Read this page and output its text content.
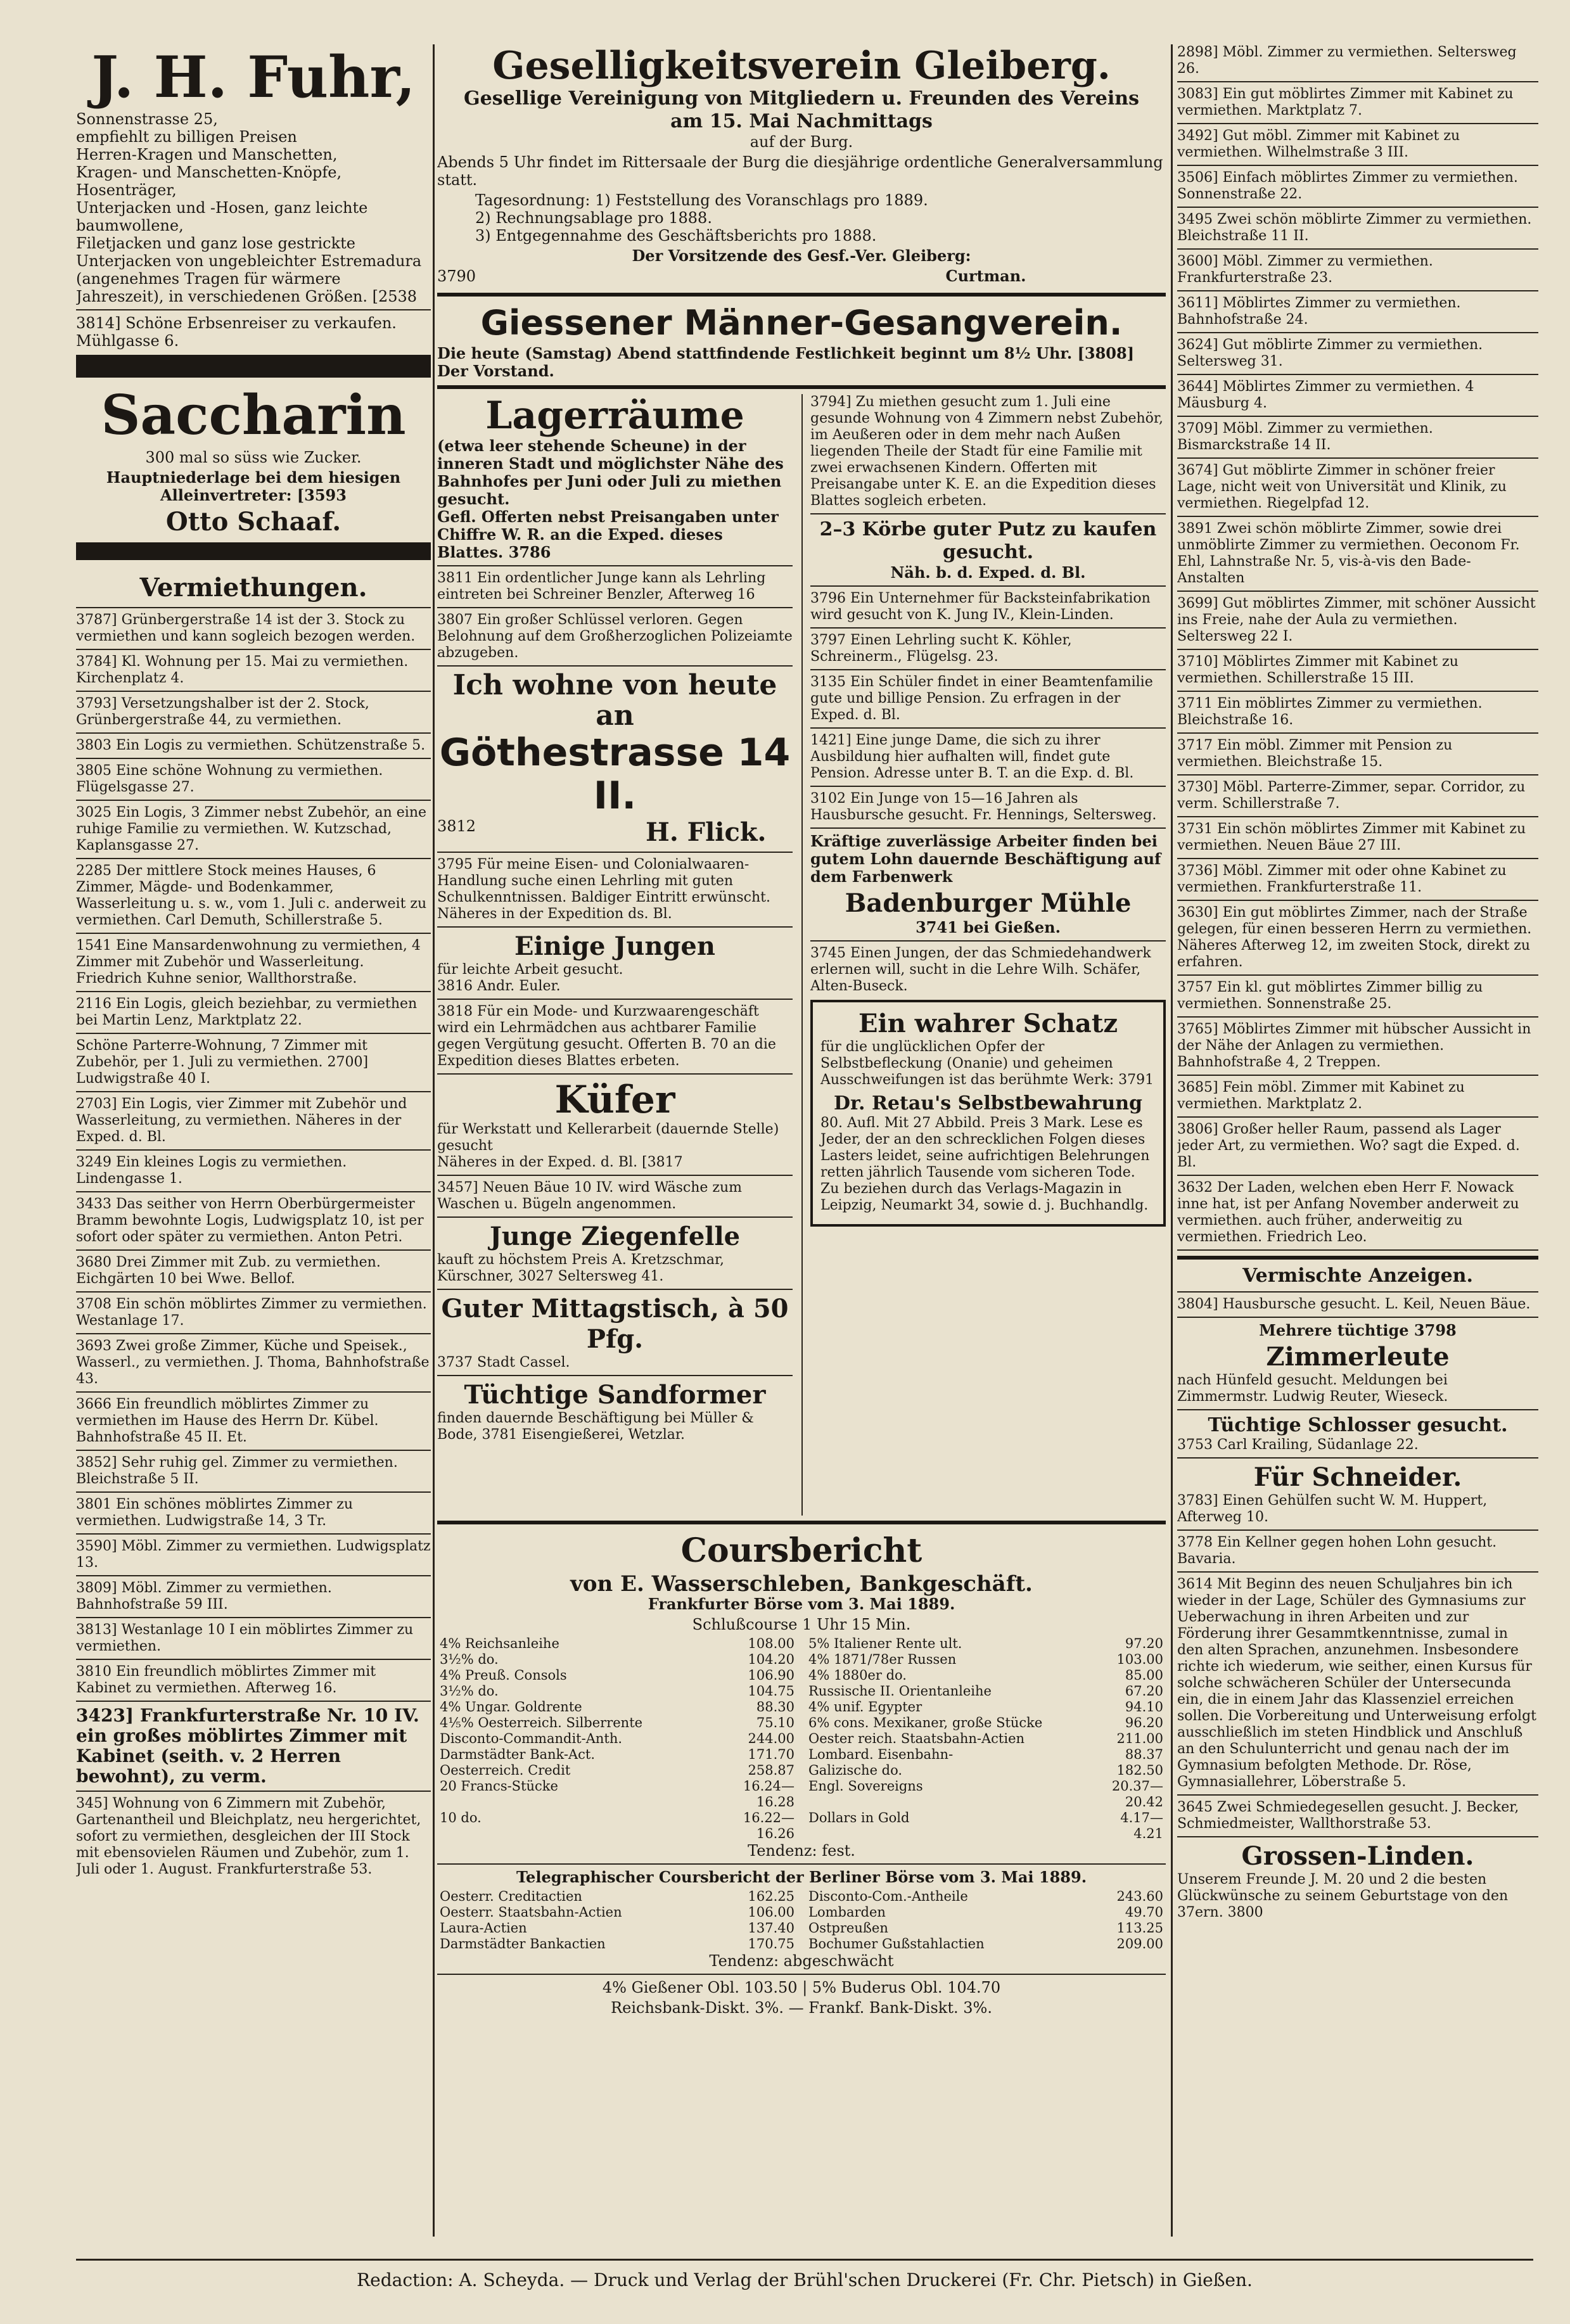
J. H. Fuhr,
Sonnenstrasse 25,
empfiehlt zu billigen Preisen
Herren-Kragen und Manschetten,
Kragen- und Manschetten-Knöpfe,
Hosenträger,
Unterjacken und -Hosen, ganz leichte baumwollene,
Filetjacken und ganz lose gestrickte Unterjacken von ungebleichter Estremadura (angenehmes Tragen für wärmere Jahreszeit), in verschiedenen Größen. [2538
3814] Schöne Erbsenreiser zu verkaufen. Mühlgasse 6.
Saccharin
300 mal so süss wie Zucker.
Hauptniederlage bei dem hiesigen Alleinvertreter: [3593
Otto Schaaf.
Vermiethungen.
3787] Grünbergerstraße 14 ist der 3. Stock zu vermiethen und kann sogleich bezogen werden.
3784] Kl. Wohnung per 15. Mai zu vermiethen. Kirchenplatz 4.
3793] Versetzungshalber ist der 2. Stock, Grünbergerstraße 44, zu vermiethen.
3803 Ein Logis zu vermiethen. Schützenstraße 5.
3805 Eine schöne Wohnung zu vermiethen. Flügelsgasse 27.
3025 Ein Logis, 3 Zimmer nebst Zubehör, an eine ruhige Familie zu vermiethen. W. Kutzschad, Kaplansgasse 27.
2285 Der mittlere Stock meines Hauses, 6 Zimmer, Mägde- und Bodenkammer, Wasserleitung u. s. w., vom 1. Juli c. anderweit zu vermiethen. Carl Demuth, Schillerstraße 5.
1541 Eine Mansardenwohnung zu vermiethen, 4 Zimmer mit Zubehör und Wasserleitung. Friedrich Kuhne senior, Wallthorstraße.
2116 Ein Logis, gleich beziehbar, zu vermiethen bei Martin Lenz, Marktplatz 22.
Schöne Parterre-Wohnung, 7 Zimmer mit Zubehör, per 1. Juli zu vermiethen. 2700] Ludwigstraße 40 I.
2703] Ein Logis, vier Zimmer mit Zubehör und Wasserleitung, zu vermiethen. Näheres in der Exped. d. Bl.
3249 Ein kleines Logis zu vermiethen. Lindengasse 1.
3433 Das seither von Herrn Oberbürgermeister Bramm bewohnte Logis, Ludwigsplatz 10, ist per sofort oder später zu vermiethen. Anton Petri.
3680 Drei Zimmer mit Zub. zu vermiethen. Eichgärten 10 bei Wwe. Bellof.
3708 Ein schön möblirtes Zimmer zu vermiethen. Westanlage 17.
3693 Zwei große Zimmer, Küche und Speisek., Wasserl., zu vermiethen. J. Thoma, Bahnhofstraße 43.
3666 Ein freundlich möblirtes Zimmer zu vermiethen im Hause des Herrn Dr. Kübel. Bahnhofstraße 45 II. Et.
3852] Sehr ruhig gel. Zimmer zu vermiethen. Bleichstraße 5 II.
3801 Ein schönes möblirtes Zimmer zu vermiethen. Ludwigstraße 14, 3 Tr.
3590] Möbl. Zimmer zu vermiethen. Ludwigsplatz 13.
3809] Möbl. Zimmer zu vermiethen. Bahnhofstraße 59 III.
3813] Westanlage 10 I ein möblirtes Zimmer zu vermiethen.
3810 Ein freundlich möblirtes Zimmer mit Kabinet zu vermiethen. Afterweg 16.
3423] Frankfurterstraße Nr. 10 IV. ein großes möblirtes Zimmer mit Kabinet (seith. v. 2 Herren bewohnt), zu verm.
345] Wohnung von 6 Zimmern mit Zubehör, Gartenantheil und Bleichplatz, neu hergerichtet, sofort zu vermiethen, desgleichen der III Stock mit ebensovielen Räumen und Zubehör, zum 1. Juli oder 1. August. Frankfurterstraße 53.
Geselligkeitsverein Gleiberg.
Gesellige Vereinigung von Mitgliedern u. Freunden des Vereins
am 15. Mai Nachmittags
auf der Burg.
Abends 5 Uhr findet im Rittersaale der Burg die diesjährige ordentliche Generalversammlung statt.
Tagesordnung: 1) Feststellung des Voranschlags pro 1889.
2) Rechnungsablage pro 1888.
3) Entgegennahme des Geschäftsberichts pro 1888.
Der Vorsitzende des Gesf.-Ver. Gleiberg:
3790	Curtman.
Giessener Männer-Gesangverein.
Die heute (Samstag) Abend stattfindende Festlichkeit beginnt um 8½ Uhr. [3808] Der Vorstand.
Lagerräume
(etwa leer stehende Scheune) in der inneren Stadt und möglichster Nähe des Bahnhofes per Juni oder Juli zu miethen gesucht.
Gefl. Offerten nebst Preisangaben unter Chiffre W. R. an die Exped. dieses Blattes. 3786
3811 Ein ordentlicher Junge kann als Lehrling eintreten bei Schreiner Benzler, Afterweg 16
3807 Ein großer Schlüssel verloren. Gegen Belohnung auf dem Großherzoglichen Polizeiamte abzugeben.
Ich wohne von heute an
Göthestrasse 14 II.
3812	H. Flick.
3795 Für meine Eisen- und Colonialwaaren-Handlung suche einen Lehrling mit guten Schulkenntnissen. Baldiger Eintritt erwünscht. Näheres in der Expedition ds. Bl.
Einige Jungen
für leichte Arbeit gesucht.
3816 Andr. Euler.
3818 Für ein Mode- und Kurzwaarengeschäft wird ein Lehrmädchen aus achtbarer Familie gegen Vergütung gesucht. Offerten B. 70 an die Expedition dieses Blattes erbeten.
Küfer
für Werkstatt und Kellerarbeit (dauernde Stelle) gesucht
Näheres in der Exped. d. Bl. [3817
3457] Neuen Bäue 10 IV. wird Wäsche zum Waschen u. Bügeln angenommen.
Junge Ziegenfelle
kauft zu höchstem Preis A. Kretzschmar, Kürschner, 3027 Seltersweg 41.
Guter Mittagstisch, à 50 Pfg.
3737 Stadt Cassel.
Tüchtige Sandformer
finden dauernde Beschäftigung bei Müller & Bode, 3781 Eisengießerei, Wetzlar.
3794] Zu miethen gesucht zum 1. Juli eine gesunde Wohnung von 4 Zimmern nebst Zubehör, im Aeußeren oder in dem mehr nach Außen liegenden Theile der Stadt für eine Familie mit zwei erwachsenen Kindern. Offerten mit Preisangabe unter K. E. an die Expedition dieses Blattes sogleich erbeten.
2–3 Körbe guter Putz zu kaufen gesucht.
Näh. b. d. Exped. d. Bl.
3796 Ein Unternehmer für Backsteinfabrikation wird gesucht von K. Jung IV., Klein-Linden.
3797 Einen Lehrling sucht K. Köhler, Schreinerm., Flügelsg. 23.
3135 Ein Schüler findet in einer Beamtenfamilie gute und billige Pension. Zu erfragen in der Exped. d. Bl.
1421] Eine junge Dame, die sich zu ihrer Ausbildung hier aufhalten will, findet gute Pension. Adresse unter B. T. an die Exp. d. Bl.
3102 Ein Junge von 15—16 Jahren als Hausbursche gesucht. Fr. Hennings, Seltersweg.
Kräftige zuverlässige Arbeiter finden bei gutem Lohn dauernde Beschäftigung auf dem Farbenwerk
Badenburger Mühle
3741 bei Gießen.
3745 Einen Jungen, der das Schmiedehandwerk erlernen will, sucht in die Lehre Wilh. Schäfer, Alten-Buseck.
Ein wahrer Schatz
für die unglücklichen Opfer der Selbstbefleckung (Onanie) und geheimen Ausschweifungen ist das berühmte Werk: 3791
Dr. Retau's Selbstbewahrung
80. Aufl. Mit 27 Abbild. Preis 3 Mark. Lese es Jeder, der an den schrecklichen Folgen dieses Lasters leidet, seine aufrichtigen Belehrungen retten jährlich Tausende vom sicheren Tode. Zu beziehen durch das Verlags-Magazin in Leipzig, Neumarkt 34, sowie d. j. Buchhandlg.
Coursbericht
von E. Wasserschleben, Bankgeschäft.
Frankfurter Börse vom 3. Mai 1889.
Schlußcourse 1 Uhr 15 Min.
4% Reichsanleihe	108.00
3½% do.	104.20
4% Preuß. Consols	106.90
3½% do.	104.75
4% Ungar. Goldrente	88.30
4⅕% Oesterreich. Silberrente	75.10
Disconto-Commandit-Anth.	244.00
Darmstädter Bank-Act.	171.70
Oesterreich. Credit	258.87
20 Francs-Stücke	16.24—16.28
10 do.	16.22—16.26
5% Italiener Rente ult.	97.20
4% 1871/78er Russen	103.00
4% 1880er do.	85.00
Russische II. Orientanleihe	67.20
4% unif. Egypter	94.10
6% cons. Mexikaner, große Stücke	96.20
Oester reich. Staatsbahn-Actien	211.00
Lombard. Eisenbahn-	88.37
Galizische do.	182.50
Engl. Sovereigns	20.37—20.42
Dollars in Gold	4.17—4.21
Tendenz: fest.
Telegraphischer Coursbericht der Berliner Börse vom 3. Mai 1889.
Oesterr. Creditactien	162.25
Oesterr. Staatsbahn-Actien	106.00
Laura-Actien	137.40
Darmstädter Bankactien	170.75
Disconto-Com.-Antheile	243.60
Lombarden	49.70
Ostpreußen	113.25
Bochumer Gußstahlactien	209.00
Tendenz: abgeschwächt
4% Gießener Obl. 103.50 | 5% Buderus Obl. 104.70
Reichsbank-Diskt. 3%. — Frankf. Bank-Diskt. 3%.
2898] Möbl. Zimmer zu vermiethen. Seltersweg 26.
3083] Ein gut möblirtes Zimmer mit Kabinet zu vermiethen. Marktplatz 7.
3492] Gut möbl. Zimmer mit Kabinet zu vermiethen. Wilhelmstraße 3 III.
3506] Einfach möblirtes Zimmer zu vermiethen. Sonnenstraße 22.
3495 Zwei schön möblirte Zimmer zu vermiethen. Bleichstraße 11 II.
3600] Möbl. Zimmer zu vermiethen. Frankfurterstraße 23.
3611] Möblirtes Zimmer zu vermiethen. Bahnhofstraße 24.
3624] Gut möblirte Zimmer zu vermiethen. Seltersweg 31.
3644] Möblirtes Zimmer zu vermiethen. 4 Mäusburg 4.
3709] Möbl. Zimmer zu vermiethen. Bismarckstraße 14 II.
3674] Gut möblirte Zimmer in schöner freier Lage, nicht weit von Universität und Klinik, zu vermiethen. Riegelpfad 12.
3891 Zwei schön möblirte Zimmer, sowie drei unmöblirte Zimmer zu vermiethen. Oeconom Fr. Ehl, Lahnstraße Nr. 5, vis-à-vis den Bade-Anstalten
3699] Gut möblirtes Zimmer, mit schöner Aussicht ins Freie, nahe der Aula zu vermiethen. Seltersweg 22 I.
3710] Möblirtes Zimmer mit Kabinet zu vermiethen. Schillerstraße 15 III.
3711 Ein möblirtes Zimmer zu vermiethen. Bleichstraße 16.
3717 Ein möbl. Zimmer mit Pension zu vermiethen. Bleichstraße 15.
3730] Möbl. Parterre-Zimmer, separ. Corridor, zu verm. Schillerstraße 7.
3731 Ein schön möblirtes Zimmer mit Kabinet zu vermiethen. Neuen Bäue 27 III.
3736] Möbl. Zimmer mit oder ohne Kabinet zu vermiethen. Frankfurterstraße 11.
3630] Ein gut möblirtes Zimmer, nach der Straße gelegen, für einen besseren Herrn zu vermiethen. Näheres Afterweg 12, im zweiten Stock, direkt zu erfahren.
3757 Ein kl. gut möblirtes Zimmer billig zu vermiethen. Sonnenstraße 25.
3765] Möblirtes Zimmer mit hübscher Aussicht in der Nähe der Anlagen zu vermiethen. Bahnhofstraße 4, 2 Treppen.
3685] Fein möbl. Zimmer mit Kabinet zu vermiethen. Marktplatz 2.
3806] Großer heller Raum, passend als Lager jeder Art, zu vermiethen. Wo? sagt die Exped. d. Bl.
3632 Der Laden, welchen eben Herr F. Nowack inne hat, ist per Anfang November anderweit zu vermiethen. auch früher, anderweitig zu vermiethen. Friedrich Leo.
Vermischte Anzeigen.
3804] Hausbursche gesucht. L. Keil, Neuen Bäue.
Mehrere tüchtige 3798
Zimmerleute
nach Hünfeld gesucht. Meldungen bei Zimmermstr. Ludwig Reuter, Wieseck.
Tüchtige Schlosser gesucht.
3753 Carl Krailing, Südanlage 22.
Für Schneider.
3783] Einen Gehülfen sucht W. M. Huppert, Afterweg 10.
3778 Ein Kellner gegen hohen Lohn gesucht. Bavaria.
3614 Mit Beginn des neuen Schuljahres bin ich wieder in der Lage, Schüler des Gymnasiums zur Ueberwachung in ihren Arbeiten und zur Förderung ihrer Gesammtkenntnisse, zumal in den alten Sprachen, anzunehmen. Insbesondere richte ich wiederum, wie seither, einen Kursus für solche schwächeren Schüler der Untersecunda ein, die in einem Jahr das Klassenziel erreichen sollen. Die Vorbereitung und Unterweisung erfolgt ausschließlich im steten Hindblick und Anschluß an den Schulunterricht und genau nach der im Gymnasium befolgten Methode. Dr. Röse, Gymnasiallehrer, Löberstraße 5.
3645 Zwei Schmiedegesellen gesucht. J. Becker, Schmiedmeister, Wallthorstraße 53.
Grossen-Linden.
Unserem Freunde J. M. 20 und 2 die besten Glückwünsche zu seinem Geburtstage von den 37ern. 3800
Redaction: A. Scheyda. — Druck und Verlag der Brühl'schen Druckerei (Fr. Chr. Pietsch) in Gießen.
